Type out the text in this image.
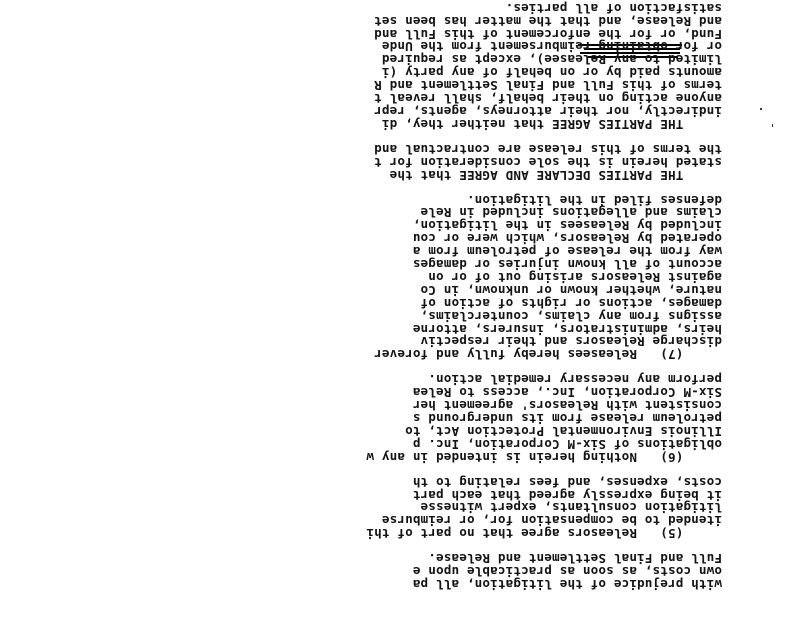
with prejudice of the litigation, all pa

own costs, as soon as practicable upon e

Full and Final Settlement and Release.

(5)   Releasors agree that no part of thi

itended to be compensation for, or reimburse

litigation consultants, expert witnesse

it being expressly agreed that each part

costs, expenses, and fees relating to th

(6)   Nothing herein is intended in any w

obligations of Six-M Corporation, Inc. p

Illinois Environmental Protection Act, to

petroleum release from its underground s

consistent with Releasors' agreement her

Six-M Corporation, Inc., access to Relea

perform any necessary remedial action.

(7)   Releasees hereby fully and forever

discharge Releasors and their respectiv

heirs, administrators, insurers, attorne

assigns from any claims, counterclaims,

damages, actions or rights of action of

nature, whether known or unknown, in Co

against Releasors arising out of or on

account of all known injuries or damages

way from the release of petroleum from a

operated by Releasors, which were or cou

included by Releasees in the litigation,

claims and allegations included in Rele

defenses filed in the litigation.

THE PARTIES DECLARE AND AGREE that the

stated herein is the sole consideration for t

the terms of this release are contractual and

THE PARTIES AGREE that neither they, di

indirectly, nor their attorneys, agents, repr

anyone acting on their behalf, shall reveal t

terms of this Full and Final Settlement and R

amounts paid by or on behalf of any party (i

limited to any Releasee), except as required

or for obtaining reimbursement from the Unde

Fund, or for the enforcement of this Full and

and Release, and that the matter has been set

satisfaction of all parties.
